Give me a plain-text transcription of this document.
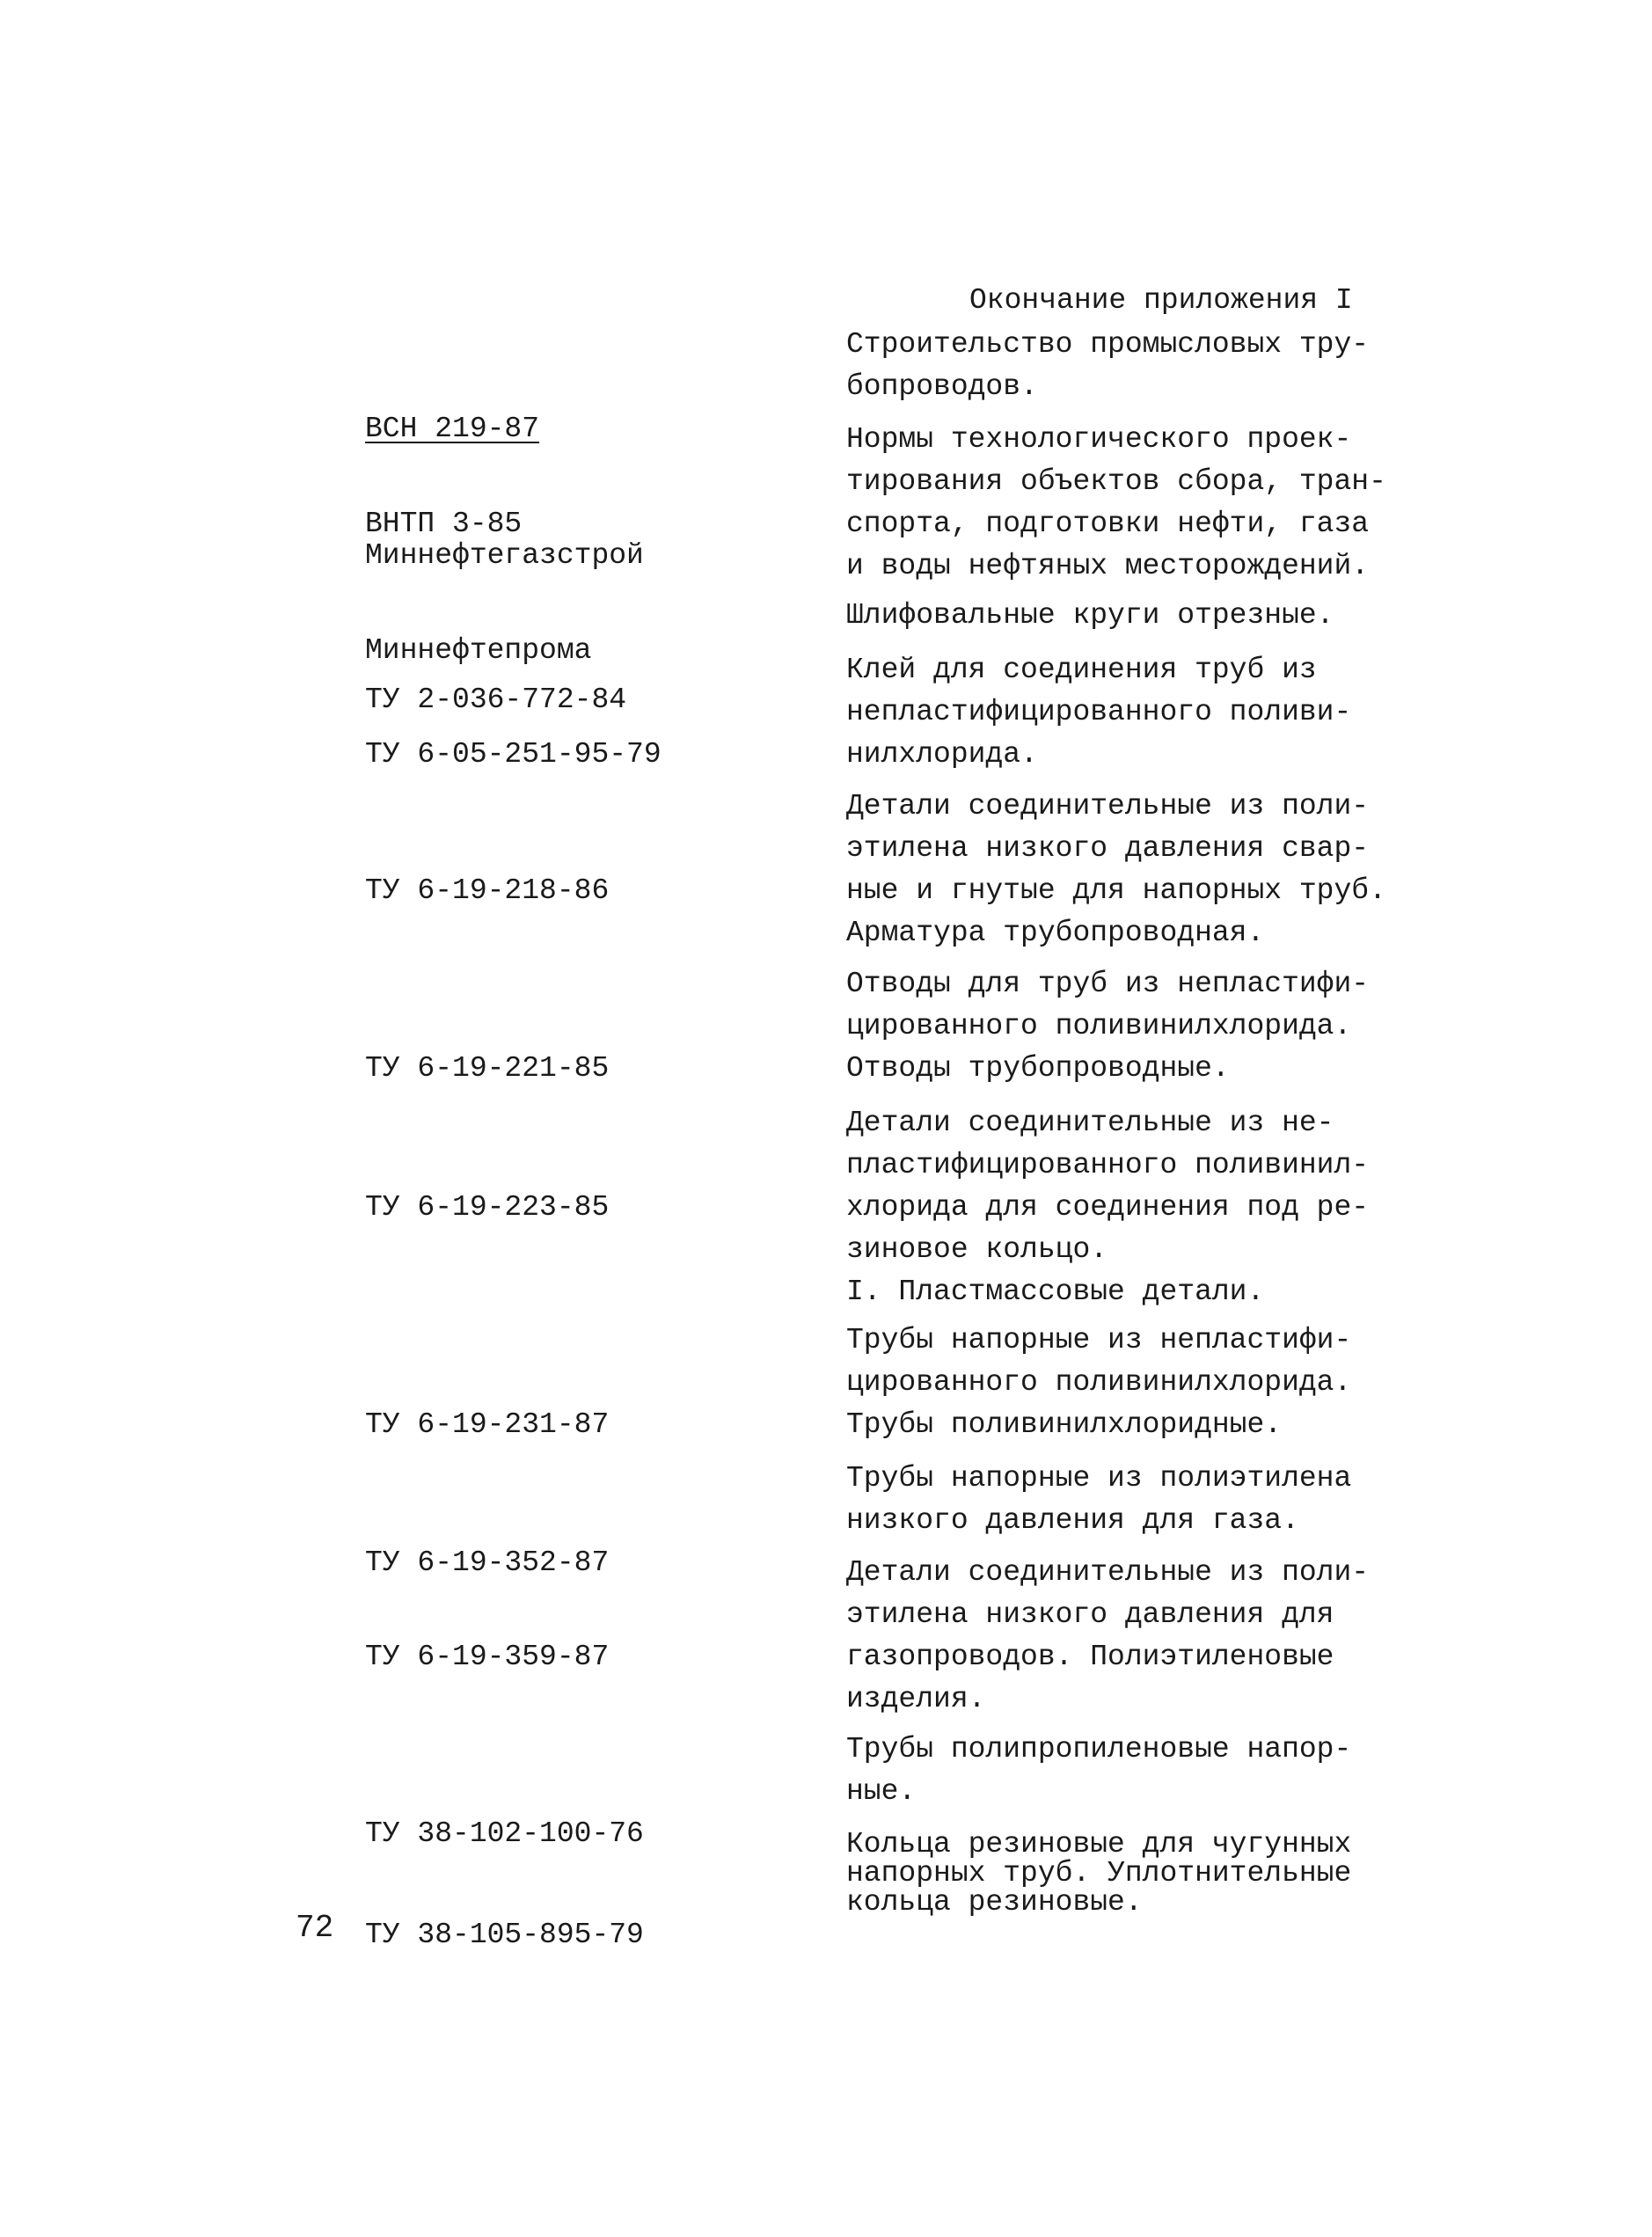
Окончание приложения I

ВСН 219-87

Миннефтегазстрой

Строительство промысловых тру-
бопроводов.

ВНТП 3-85

Миннефтепрома

Нормы технологического проек-
тирования объектов сбора, тран-
спорта, подготовки нефти, газа
и воды нефтяных месторождений.

ТУ 2-036-772-84

Шлифовальные круги отрезные.

ТУ 6-05-251-95-79

Клей для соединения труб из
непластифицированного поливи-
нилхлорида.

ТУ 6-19-218-86

Детали соединительные из поли-
этилена низкого давления свар-
ные и гнутые для напорных труб.
Арматура трубопроводная.

ТУ 6-19-221-85

Отводы для труб из непластифи-
цированного поливинилхлорида.
Отводы трубопроводные.

ТУ 6-19-223-85

Детали соединительные из не-
пластифицированного поливинил-
хлорида для соединения под ре-
зиновое кольцо.
I. Пластмассовые детали.

ТУ 6-19-231-87

Трубы напорные из непластифи-
цированного поливинилхлорида.
Трубы поливинилхлоридные.

ТУ 6-19-352-87

Трубы напорные из полиэтилена
низкого давления для газа.

ТУ 6-19-359-87

Детали соединительные из поли-
этилена низкого давления для
газопроводов. Полиэтиленовые
изделия.

ТУ 38-102-100-76

Трубы полипропиленовые напор-
ные.

ТУ 38-105-895-79

Кольца резиновые для чугунных
напорных труб. Уплотнительные
кольца резиновые.
72
